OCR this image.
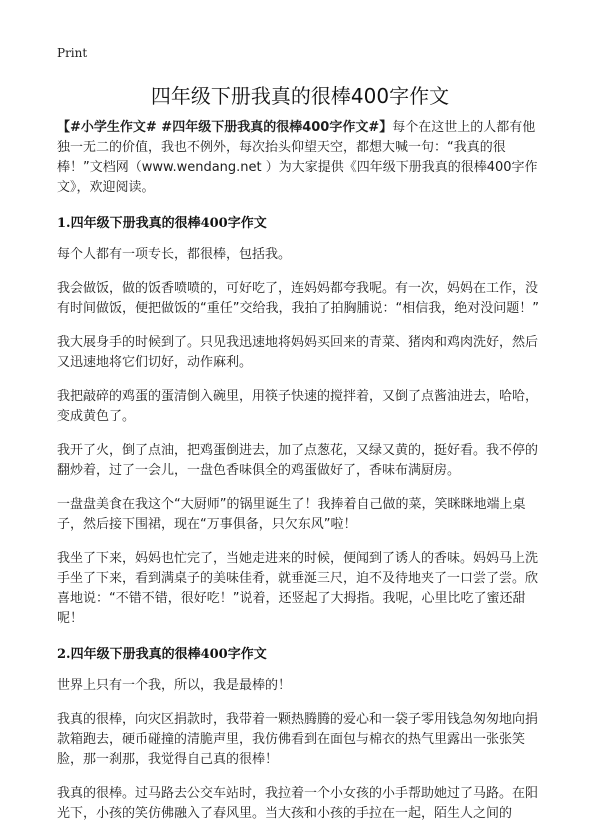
Print
四年级下册我真的很棒400字作文

【#小学生作文# #四年级下册我真的很棒400字作文#】每个在这世上的人都有他独一无二的价值，我也不例外，每次抬头仰望天空，都想大喊一句：“我真的很棒！”文档网（www.wendang.net ）为大家提供《四年级下册我真的很棒400字作文》，欢迎阅读。

1.四年级下册我真的很棒400字作文

每个人都有一项专长，都很棒，包括我。

我会做饭，做的饭香喷喷的，可好吃了，连妈妈都夸我呢。有一次，妈妈在工作，没有时间做饭，便把做饭的“重任”交给我，我拍了拍胸脯说：“相信我，绝对没问题！”

我大展身手的时候到了。只见我迅速地将妈妈买回来的青菜、猪肉和鸡肉洗好，然后又迅速地将它们切好，动作麻利。

我把敲碎的鸡蛋的蛋清倒入碗里，用筷子快速的搅拌着，又倒了点酱油进去，哈哈，变成黄色了。

我开了火，倒了点油，把鸡蛋倒进去，加了点葱花，又绿又黄的，挺好看。我不停的翻炒着，过了一会儿，一盘色香味俱全的鸡蛋做好了，香味布满厨房。

一盘盘美食在我这个“大厨师”的锅里诞生了！我捧着自己做的菜，笑眯眯地端上桌子，然后接下围裙，现在“万事俱备，只欠东风”啦！

我坐了下来，妈妈也忙完了，当她走进来的时候，便闻到了诱人的香味。妈妈马上洗手坐了下来，看到满桌子的美味佳肴，就垂涎三尺，迫不及待地夹了一口尝了尝。欣喜地说：“不错不错，很好吃！”说着，还竖起了大拇指。我呢，心里比吃了蜜还甜呢！

2.四年级下册我真的很棒400字作文

世界上只有一个我，所以，我是最棒的！

我真的很棒，向灾区捐款时，我带着一颗热腾腾的爱心和一袋子零用钱急匆匆地向捐款箱跑去，硬币碰撞的清脆声里，我仿佛看到在面包与棉衣的热气里露出一张张笑脸，那一刹那，我觉得自己真的很棒！

我真的很棒。过马路去公交车站时，我拉着一个小女孩的小手帮助她过了马路。在阳光下，小孩的笑仿佛融入了春风里。当大孩和小孩的手拉在一起，陌生人之间的
